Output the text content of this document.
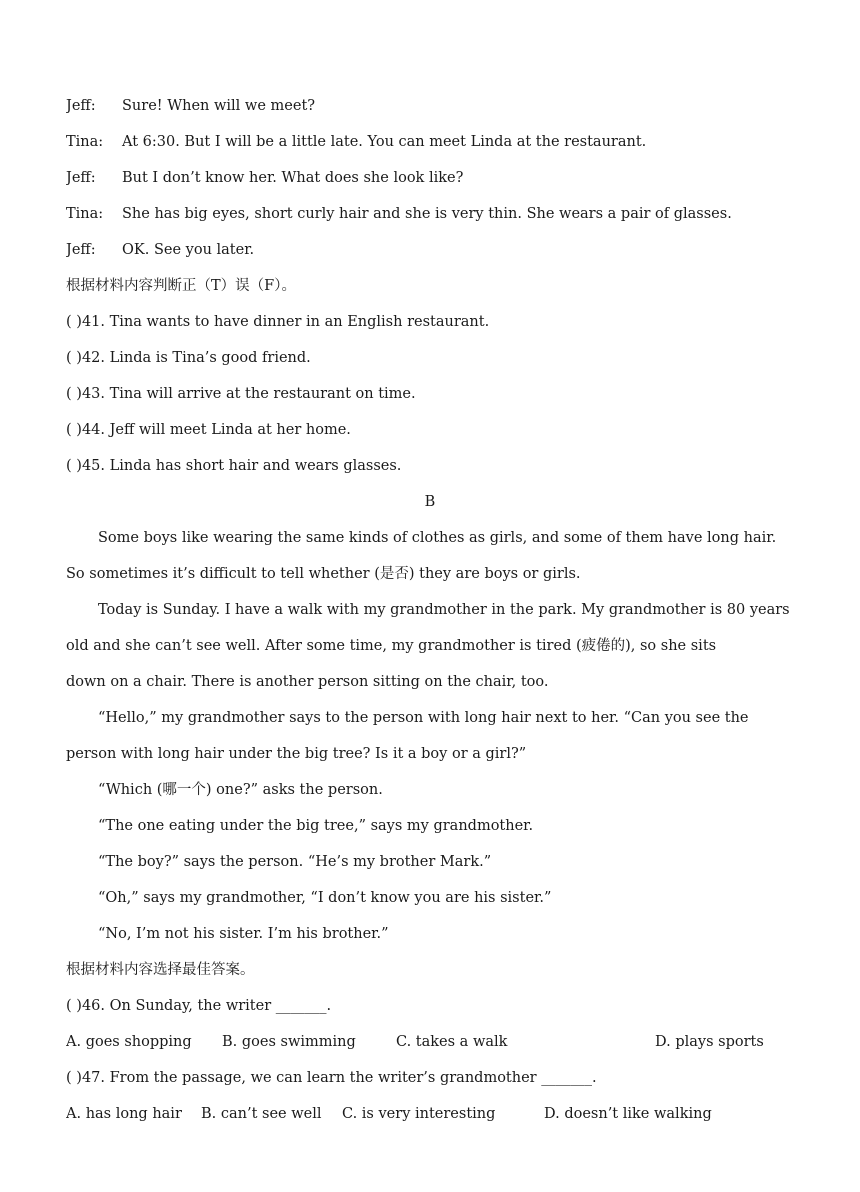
Jeff: Sure! When will we meet?
Tina: At 6:30. But I will be a little late. You can meet Linda at the restaurant.
Jeff: But I don’t know her. What does she look like?
Tina: She has big eyes, short curly hair and she is very thin. She wears a pair of glasses.
Jeff: OK. See you later.
根据材料内容判断正（T）误（F）。
( )41. Tina wants to have dinner in an English restaurant.
( )42. Linda is Tina’s good friend.
( )43. Tina will arrive at the restaurant on time.
( )44. Jeff will meet Linda at her home.
( )45. Linda has short hair and wears glasses.
B
Some boys like wearing the same kinds of clothes as girls, and some of them have long hair.
So sometimes it’s difficult to tell whether (是否) they are boys or girls.
Today is Sunday. I have a walk with my grandmother in the park. My grandmother is 80 years
old and she can’t see well. After some time, my grandmother is tired (疲倦的), so she sits
down on a chair. There is another person sitting on the chair, too.
“Hello,” my grandmother says to the person with long hair next to her. “Can you see the
person with long hair under the big tree? Is it a boy or a girl?”
“Which (哪一个) one?” asks the person.
“The one eating under the big tree,” says my grandmother.
“The boy?” says the person. “He’s my brother Mark.”
“Oh,” says my grandmother, “I don’t know you are his sister.”
“No, I’m not his sister. I’m his brother.”
根据材料内容选择最佳答案。
( )46. On Sunday, the writer _______.
A. goes shopping B. goes swimming	C. takes a walk	D. plays sports
( )47. From the passage, we can learn the writer’s grandmother _______.
A. has long hair B. can’t see well C. is very interesting	D. doesn’t like walking
